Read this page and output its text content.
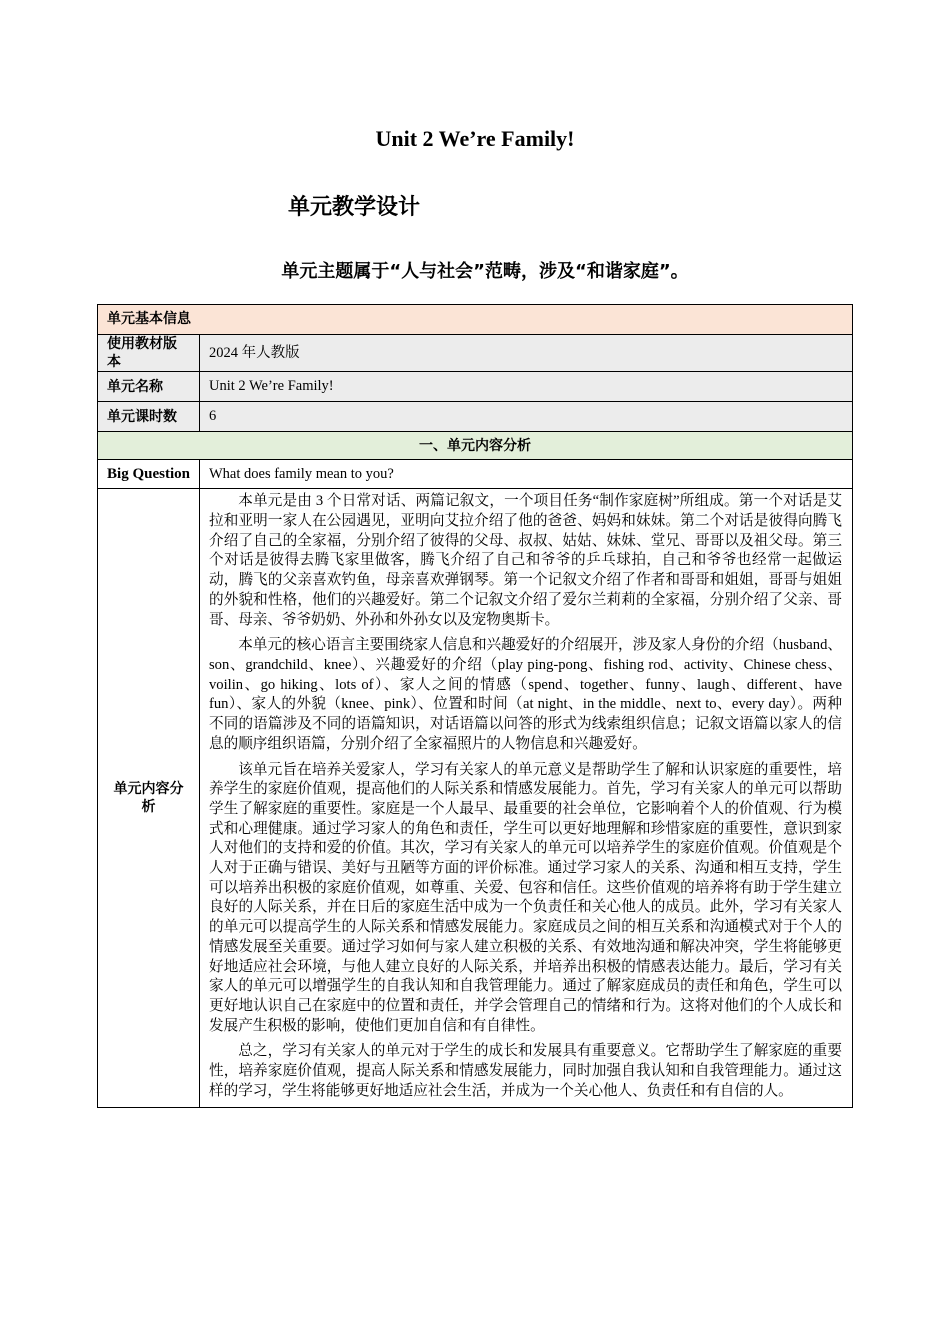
Unit 2 We’re Family!
单元教学设计
单元主题属于“人与社会”范畴，涉及“和谐家庭”。
单元基本信息	
使用教材版本	2024 年人教版
单元名称	Unit 2 We’re Family!
单元课时数	6
一、单元内容分析	
Big Question	What does family mean to you?
单元内容分析	本单元是由 3 个日常对话、两篇记叙文，一个项目任务“制作家庭树”所组成。第一个对话是艾拉和亚明一家人在公园遇见，亚明向艾拉介绍了他的爸爸、妈妈和妹妹。第二个对话是彼得向腾飞介绍了自己的全家福，分别介绍了彼得的父母、叔叔、姑姑、妹妹、堂兄、哥哥以及祖父母。第三个对话是彼得去腾飞家里做客，腾飞介绍了自己和爷爷的乒乓球拍，自己和爷爷也经常一起做运动，腾飞的父亲喜欢钓鱼，母亲喜欢弹钢琴。第一个记叙文介绍了作者和哥哥和姐姐，哥哥与姐姐的外貌和性格，他们的兴趣爱好。第二个记叙文介绍了爱尔兰莉莉的全家福，分别介绍了父亲、哥哥、母亲、爷爷奶奶、外孙和外孙女以及宠物奥斯卡。

本单元的核心语言主要围绕家人信息和兴趣爱好的介绍展开，涉及家人身份的介绍（husband、son、grandchild、knee）、兴趣爱好的介绍（play ping-pong、fishing rod、activity、Chinese chess、voilin、go hiking、lots of）、家人之间的情感（spend、together、funny、laugh、different、have fun）、家人的外貌（knee、pink）、位置和时间（at night、in the middle、next to、every day）。两种不同的语篇涉及不同的语篇知识，对话语篇以问答的形式为线索组织信息；记叙文语篇以家人的信息的顺序组织语篇，分别介绍了全家福照片的人物信息和兴趣爱好。

该单元旨在培养关爱家人，学习有关家人的单元意义是帮助学生了解和认识家庭的重要性，培养学生的家庭价值观，提高他们的人际关系和情感发展能力。首先，学习有关家人的单元可以帮助学生了解家庭的重要性。家庭是一个人最早、最重要的社会单位，它影响着个人的价值观、行为模式和心理健康。通过学习家人的角色和责任，学生可以更好地理解和珍惜家庭的重要性，意识到家人对他们的支持和爱的价值。其次，学习有关家人的单元可以培养学生的家庭价值观。价值观是个人对于正确与错误、美好与丑陋等方面的评价标准。通过学习家人的关系、沟通和相互支持，学生可以培养出积极的家庭价值观，如尊重、关爱、包容和信任。这些价值观的培养将有助于学生建立良好的人际关系，并在日后的家庭生活中成为一个负责任和关心他人的成员。此外，学习有关家人的单元可以提高学生的人际关系和情感发展能力。家庭成员之间的相互关系和沟通模式对于个人的情感发展至关重要。通过学习如何与家人建立积极的关系、有效地沟通和解决冲突，学生将能够更好地适应社会环境，与他人建立良好的人际关系，并培养出积极的情感表达能力。最后，学习有关家人的单元可以增强学生的自我认知和自我管理能力。通过了解家庭成员的责任和角色，学生可以更好地认识自己在家庭中的位置和责任，并学会管理自己的情绪和行为。这将对他们的个人成长和发展产生积极的影响，使他们更加自信和有自律性。

总之，学习有关家人的单元对于学生的成长和发展具有重要意义。它帮助学生了解家庭的重要性，培养家庭价值观，提高人际关系和情感发展能力，同时加强自我认知和自我管理能力。通过这样的学习，学生将能够更好地适应社会生活，并成为一个关心他人、负责任和有自信的人。
